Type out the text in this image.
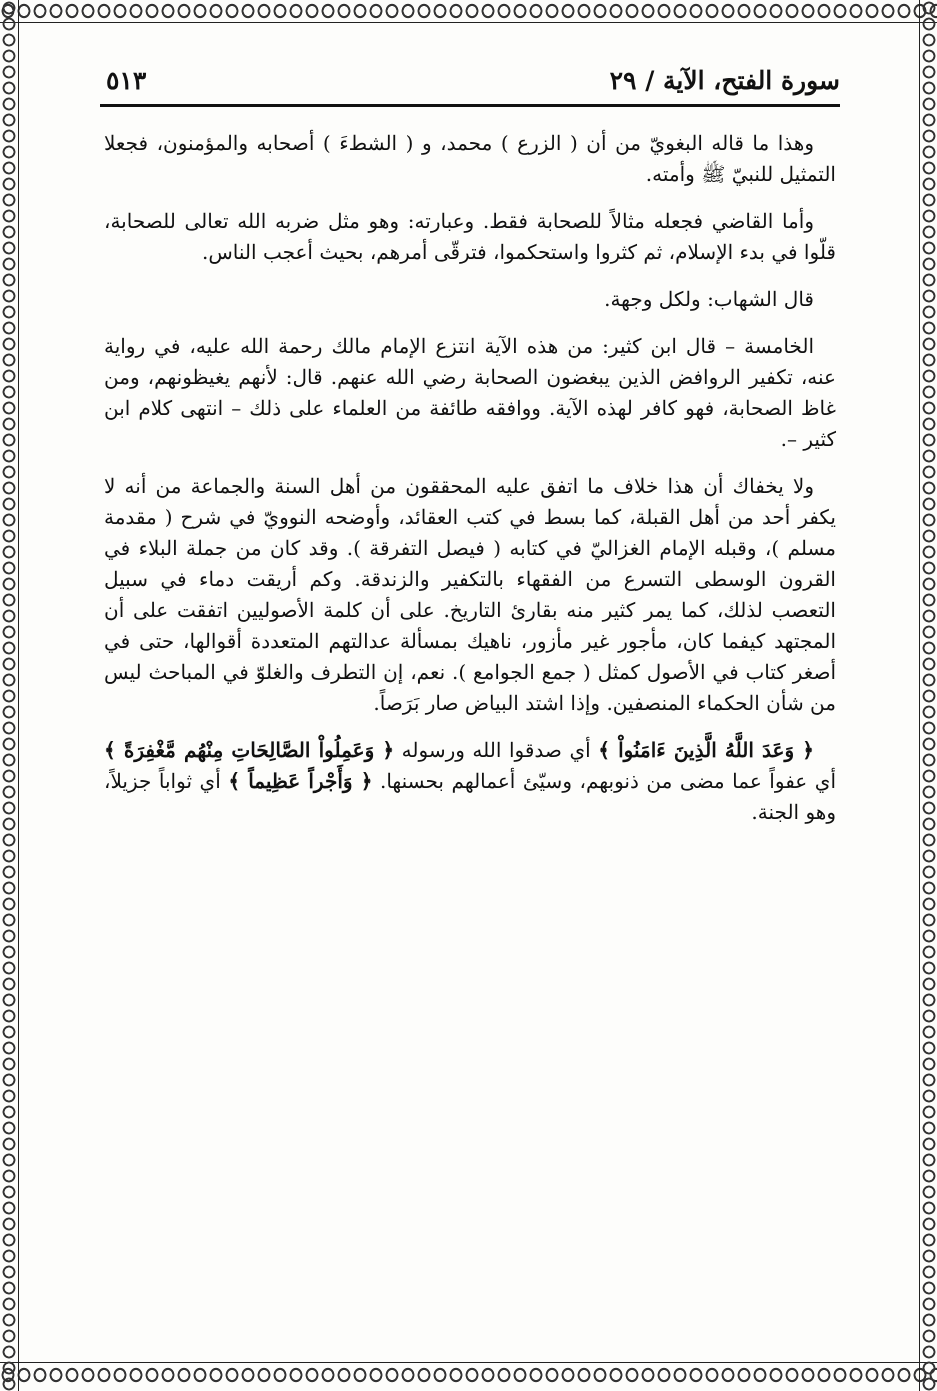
سورة الفتح، الآية / ٢٩
٥١٣

وهذا ما قاله البغويّ من أن ( الزرع ) محمد، و ( الشطءَ ) أصحابه والمؤمنون، فجعلا التمثيل للنبيّ ﷺ وأمته.

وأما القاضي فجعله مثالاً للصحابة فقط. وعبارته: وهو مثل ضربه الله تعالى للصحابة، قلّوا في بدء الإسلام، ثم كثروا واستحكموا، فترقّى أمرهم، بحيث أعجب الناس.

قال الشهاب: ولكل وجهة.

الخامسة – قال ابن كثير: من هذه الآية انتزع الإمام مالك رحمة الله عليه، في رواية عنه، تكفير الروافض الذين يبغضون الصحابة رضي الله عنهم. قال: لأنهم يغيظونهم، ومن غاظ الصحابة، فهو كافر لهذه الآية. ووافقه طائفة من العلماء على ذلك – انتهى كلام ابن كثير –.

ولا يخفاك أن هذا خلاف ما اتفق عليه المحققون من أهل السنة والجماعة من أنه لا يكفر أحد من أهل القبلة، كما بسط في كتب العقائد، وأوضحه النوويّ في شرح ( مقدمة مسلم )، وقبله الإمام الغزاليّ في كتابه ( فيصل التفرقة ). وقد كان من جملة البلاء في القرون الوسطى التسرع من الفقهاء بالتكفير والزندقة. وكم أريقت دماء في سبيل التعصب لذلك، كما يمر كثير منه بقارئ التاريخ. على أن كلمة الأصوليين اتفقت على أن المجتهد كيفما كان، مأجور غير مأزور، ناهيك بمسألة عدالتهم المتعددة أقوالها، حتى في أصغر كتاب في الأصول كمثل ( جمع الجوامع ). نعم، إن التطرف والغلوّ في المباحث ليس من شأن الحكماء المنصفين. وإذا اشتد البياض صار بَرَصاً.

﴿ وَعَدَ اللَّهُ الَّذِينَ ءَامَنُواْ ﴾ أي صدقوا الله ورسوله ﴿ وَعَمِلُواْ الصَّالِحَاتِ مِنْهُم مَّغْفِرَةً ﴾ أي عفواً عما مضى من ذنوبهم، وسيّئ أعمالهم بحسنها. ﴿ وَأَجْراً عَظِيماً ﴾ أي ثواباً جزيلاً، وهو الجنة.
